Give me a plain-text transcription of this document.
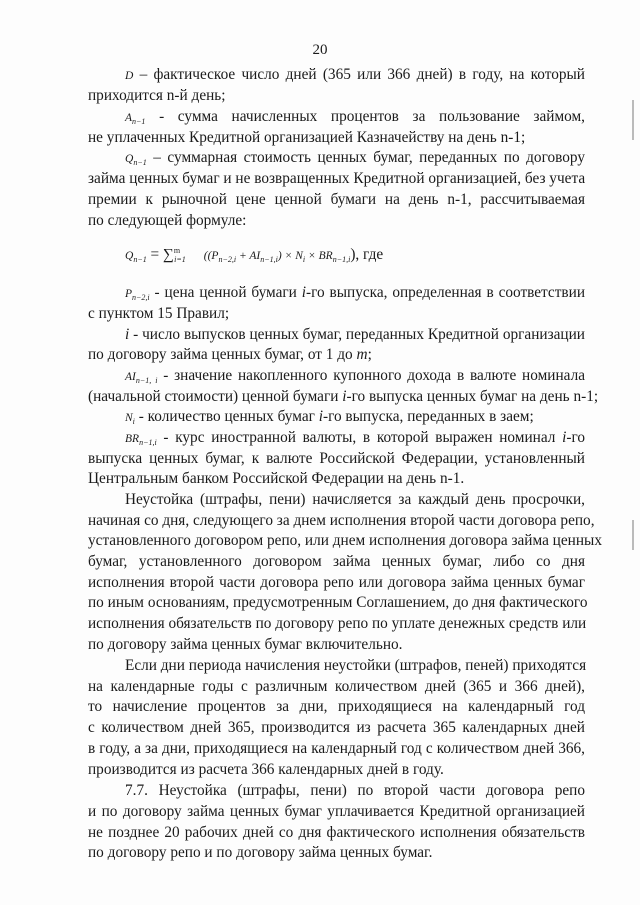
20
D – фактическое число дней (365 или 366 дней) в году, на который
приходится n-й день;
An−1 - сумма начисленных процентов за пользование займом,
не уплаченных Кредитной организацией Казначейству на день n-1;
Qn−1 – суммарная стоимость ценных бумаг, переданных по договору
займа ценных бумаг и не возвращенных Кредитной организацией, без учета
премии к рыночной цене ценной бумаги на день n-1, рассчитываемая
по следующей формуле:
Qn−1 = ∑$^m$i=1 ((Pn−2,i + AIn−1,i) × Ni × BRn−1,i), где
Pn−2,i - цена ценной бумаги i-го выпуска, определенная в соответствии
с пунктом 15 Правил;
i - число выпусков ценных бумаг, переданных Кредитной организации
по договору займа ценных бумаг, от 1 до m;
AIn−1, i - значение накопленного купонного дохода в валюте номинала
(начальной стоимости) ценной бумаги i-го выпуска ценных бумаг на день n-1;
Ni - количество ценных бумаг i-го выпуска, переданных в заем;
BRn−1,i - курс иностранной валюты, в которой выражен номинал i-го
выпуска ценных бумаг, к валюте Российской Федерации, установленный
Центральным банком Российской Федерации на день n-1.
Неустойка (штрафы, пени) начисляется за каждый день просрочки,
начиная со дня, следующего за днем исполнения второй части договора репо,
установленного договором репо, или днем исполнения договора займа ценных
бумаг, установленного договором займа ценных бумаг, либо со дня
исполнения второй части договора репо или договора займа ценных бумаг
по иным основаниям, предусмотренным Соглашением, до дня фактического
исполнения обязательств по договору репо по уплате денежных средств или
по договору займа ценных бумаг включительно.
Если дни периода начисления неустойки (штрафов, пеней) приходятся
на календарные годы с различным количеством дней (365 и 366 дней),
то начисление процентов за дни, приходящиеся на календарный год
с количеством дней 365, производится из расчета 365 календарных дней
в году, а за дни, приходящиеся на календарный год с количеством дней 366,
производится из расчета 366 календарных дней в году.
7.7. Неустойка (штрафы, пени) по второй части договора репо
и по договору займа ценных бумаг уплачивается Кредитной организацией
не позднее 20 рабочих дней со дня фактического исполнения обязательств
по договору репо и по договору займа ценных бумаг.
